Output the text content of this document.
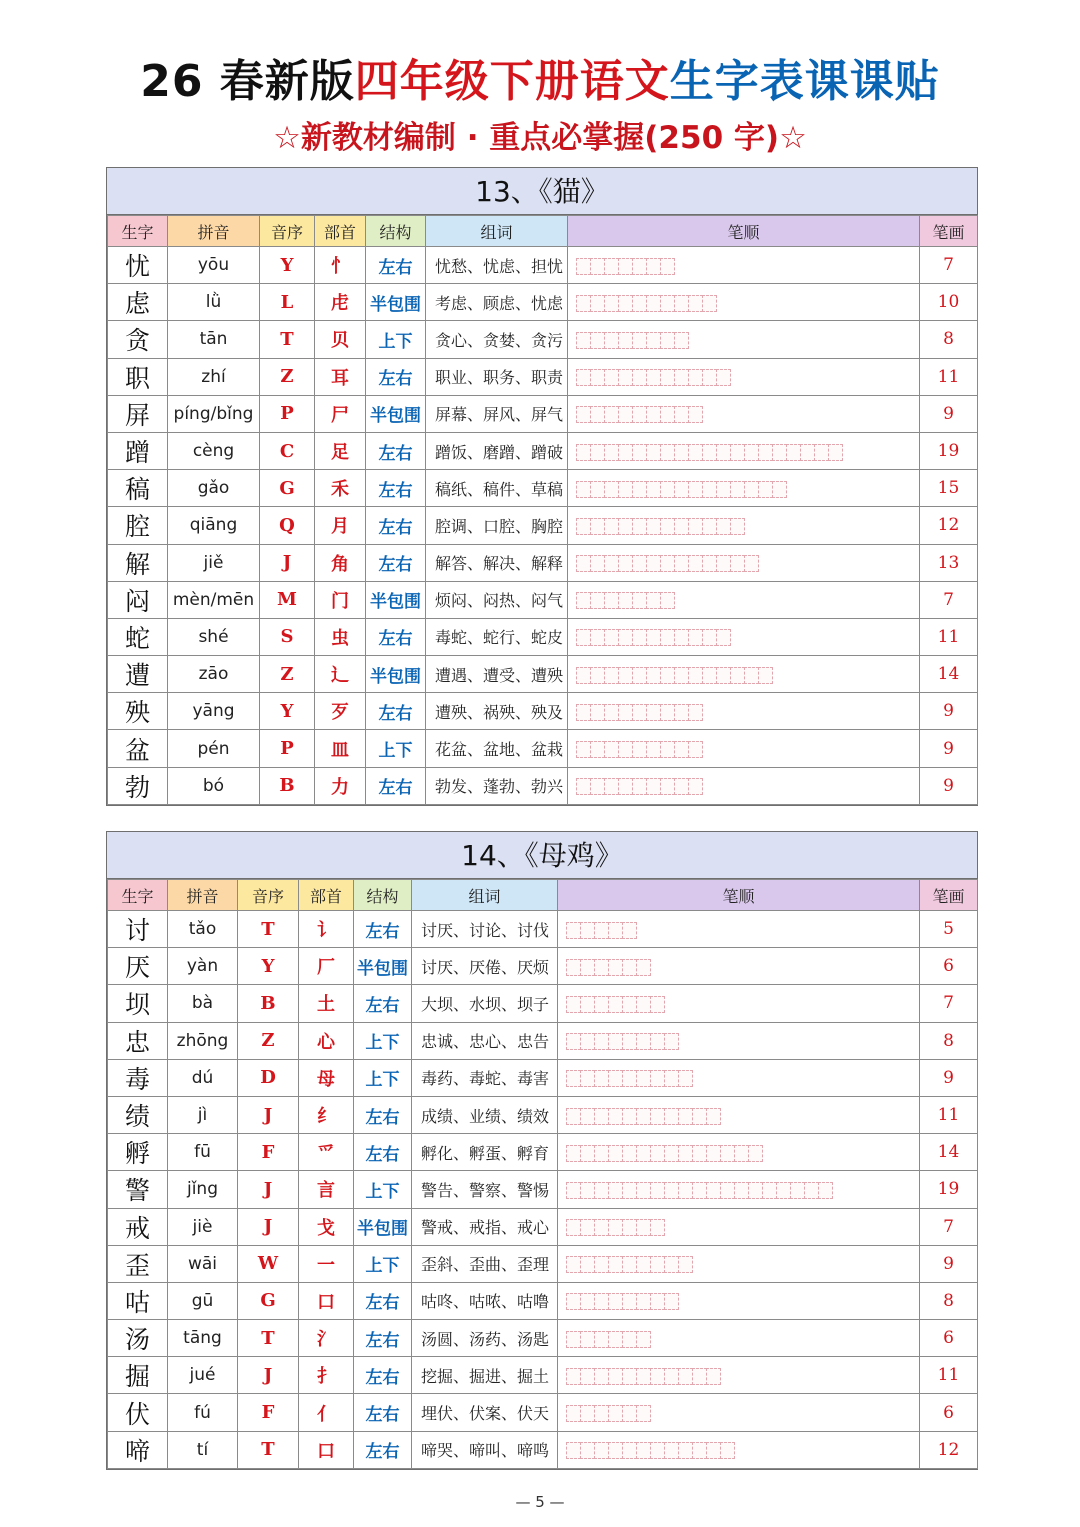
26 春新版四年级下册语文生字表课课贴
☆新教材编制 · 重点必掌握(250 字)☆
13、《猫》
生字	拼音	音序	部首	结构	组词	笔顺	笔画
忧	yōu	Y	忄	左右	忧愁、忧虑、担忧		7
虑	lǜ	L	虍	半包围	考虑、顾虑、忧虑		10
贪	tān	T	贝	上下	贪心、贪婪、贪污		8
职	zhí	Z	耳	左右	职业、职务、职责		11
屏	píng/bǐng	P	尸	半包围	屏幕、屏风、屏气		9
蹭	cèng	C	足	左右	蹭饭、磨蹭、蹭破		19
稿	gǎo	G	禾	左右	稿纸、稿件、草稿		15
腔	qiāng	Q	月	左右	腔调、口腔、胸腔		12
解	jiě	J	角	左右	解答、解决、解释		13
闷	mèn/mēn	M	门	半包围	烦闷、闷热、闷气		7
蛇	shé	S	虫	左右	毒蛇、蛇行、蛇皮		11
遭	zāo	Z	辶	半包围	遭遇、遭受、遭殃		14
殃	yāng	Y	歹	左右	遭殃、祸殃、殃及		9
盆	pén	P	皿	上下	花盆、盆地、盆栽		9
勃	bó	B	力	左右	勃发、蓬勃、勃兴		9
14、《母鸡》
生字	拼音	音序	部首	结构	组词	笔顺	笔画
讨	tǎo	T	讠	左右	讨厌、讨论、讨伐		5
厌	yàn	Y	厂	半包围	讨厌、厌倦、厌烦		6
坝	bà	B	土	左右	大坝、水坝、坝子		7
忠	zhōng	Z	心	上下	忠诚、忠心、忠告		8
毒	dú	D	母	上下	毒药、毒蛇、毒害		9
绩	jì	J	纟	左右	成绩、业绩、绩效		11
孵	fū	F	爫	左右	孵化、孵蛋、孵育		14
警	jǐng	J	言	上下	警告、警察、警惕		19
戒	jiè	J	戈	半包围	警戒、戒指、戒心		7
歪	wāi	W	一	上下	歪斜、歪曲、歪理		9
咕	gū	G	口	左右	咕咚、咕哝、咕噜		8
汤	tāng	T	氵	左右	汤圆、汤药、汤匙		6
掘	jué	J	扌	左右	挖掘、掘进、掘土		11
伏	fú	F	亻	左右	埋伏、伏案、伏天		6
啼	tí	T	口	左右	啼哭、啼叫、啼鸣		12
— 5 —
